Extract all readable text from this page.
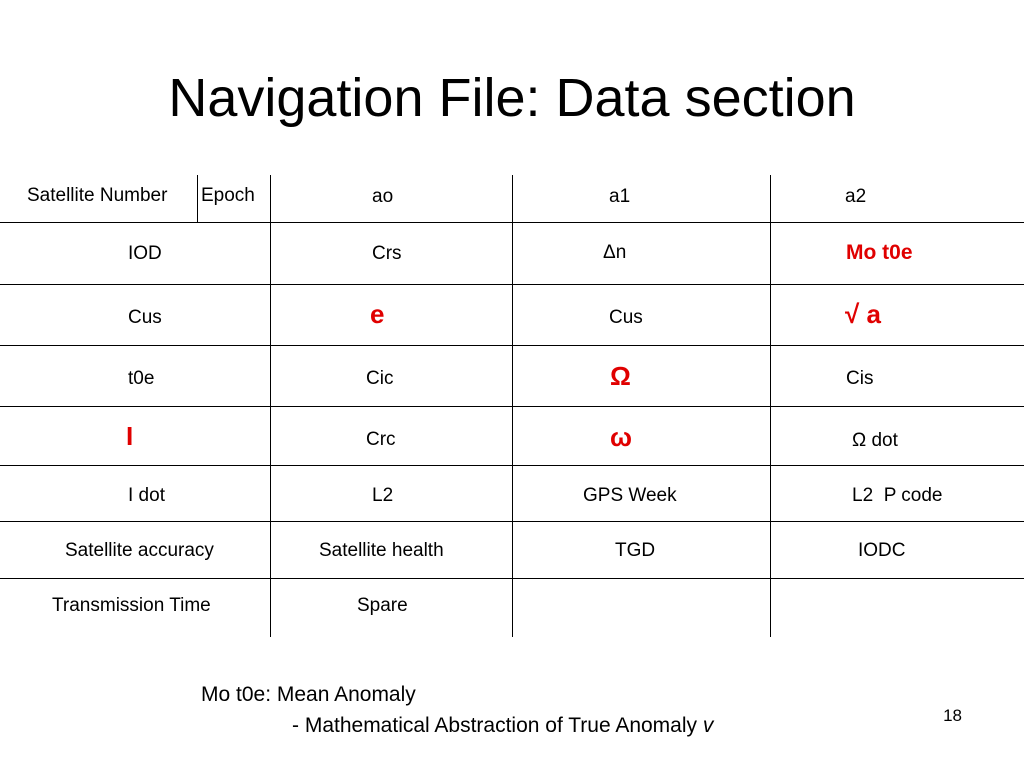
Navigation File: Data section
Satellite Number Epoch	ao	a1	a2
IOD	Crs	Δn	Mo t0e
Cus	e	Cus	√ a
t0e	Cic	Ω	Cis
I	Crc	ω	Ω dot
I dot	L2	GPS Week	L2  P code
Satellite accuracy	Satellite health	TGD	IODC
Transmission Time	Spare
Mo t0e: Mean Anomaly
- Mathematical Abstraction of True Anomaly v	18
